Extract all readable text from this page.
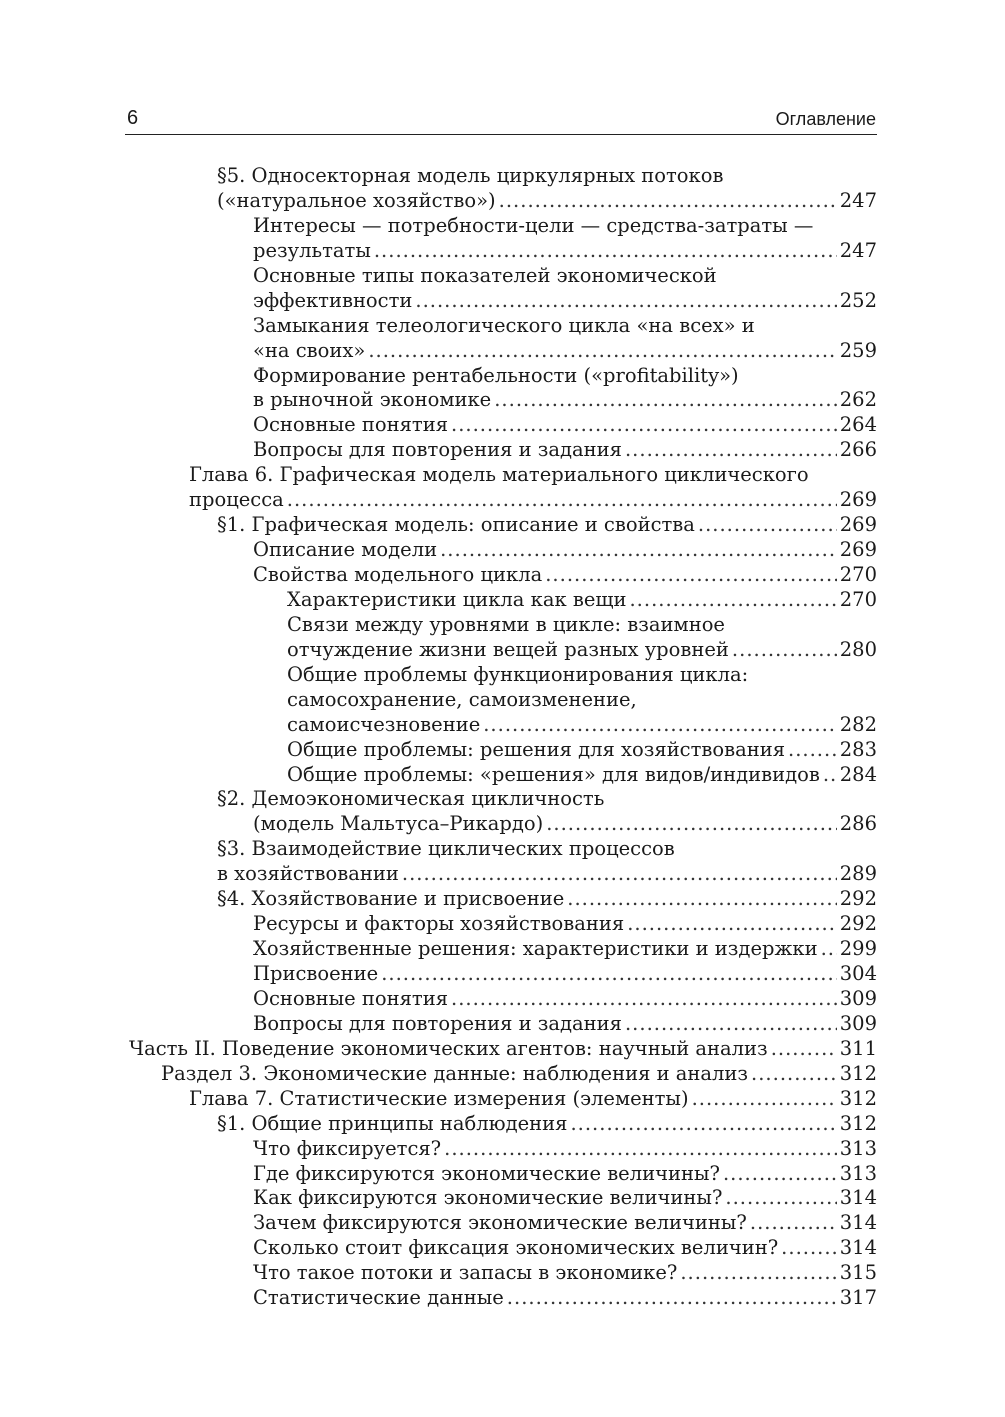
6	Оглавление
§5. Односекторная модель циркулярных потоков
(«натуральное хозяйство») .....	247
Интересы — потребности-цели — средства-затраты —
результаты .....	247
Основные типы показателей экономической
эффективности .....	252
Замыкания телеологического цикла «на всех» и
«на своих» .....	259
Формирование рентабельности («profitability»)
в рыночной экономике .....	262
Основные понятия .....	264
Вопросы для повторения и задания .....	266
Глава 6. Графическая модель материального циклического
процесса .....	269
§1. Графическая модель: описание и свойства .....	269
Описание модели .....	269
Свойства модельного цикла .....	270
Характеристики цикла как вещи .....	270
Связи между уровнями в цикле: взаимное
отчуждение жизни вещей разных уровней .....	280
Общие проблемы функционирования цикла:
самосохранение, самоизменение,
самоисчезновение .....	282
Общие проблемы: решения для хозяйствования .....	283
Общие проблемы: «решения» для видов/индивидов ..... 284
§2. Демоэкономическая цикличность
(модель Мальтуса–Рикардо) .....	286
§3. Взаимодействие циклических процессов
в хозяйствовании .....	289
§4. Хозяйствование и присвоение .....	292
Ресурсы и факторы хозяйствования .....	292
Хозяйственные решения: характеристики и издержки ..... 299
Присвоение .....	304
Основные понятия .....	309
Вопросы для повторения и задания .....	309
Часть II. Поведение экономических агентов: научный анализ .....	311
Раздел 3. Экономические данные: наблюдения и анализ .....	312
Глава 7. Статистические измерения (элементы) .....	312
§1. Общие принципы наблюдения .....	312
Что фиксируется? .....	313
Где фиксируются экономические величины? .....	313
Как фиксируются экономические величины? .....	314
Зачем фиксируются экономические величины? .....	314
Сколько стоит фиксация экономических величин? .....	314
Что такое потоки и запасы в экономике? .....	315
Статистические данные .....	317
